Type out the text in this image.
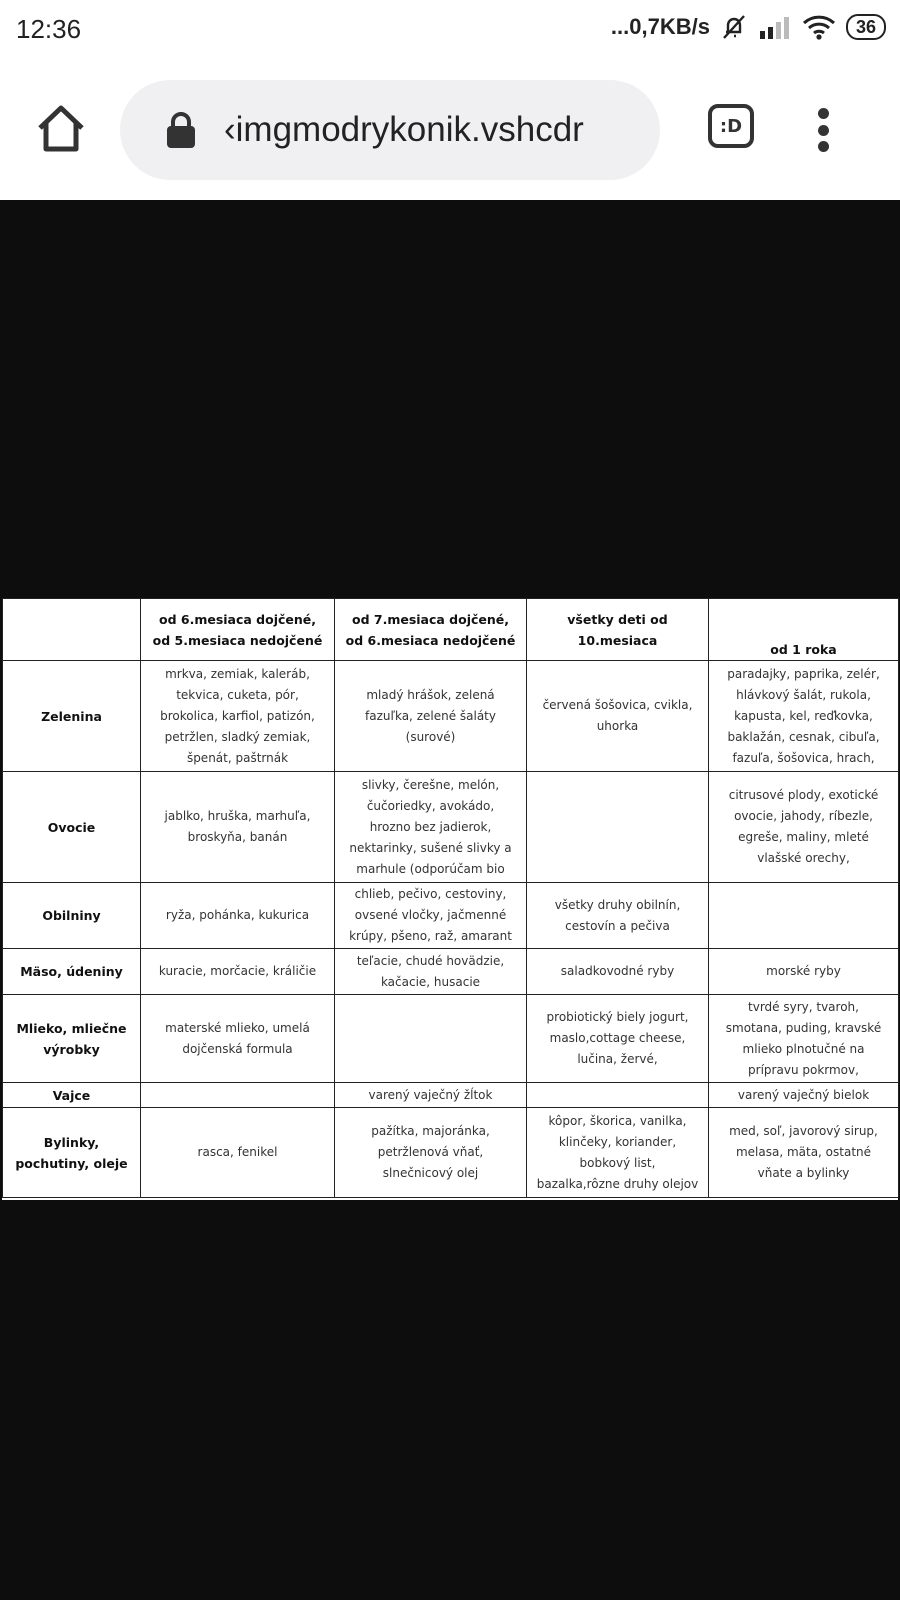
12:36	...0,7KB/s	36
‹imgmodrykonik.vshcdr	:D
	od 6.mesiaca dojčené,
od 5.mesiaca nedojčené	od 7.mesiaca dojčené,
od 6.mesiaca nedojčené	všetky deti od
10.mesiaca	od 1 roka
Zelenina	mrkva, zemiak, kaleráb,
tekvica, cuketa, pór,
brokolica, karfiol, patizón,
petržlen, sladký zemiak,
špenát, paštrnák	mladý hrášok, zelená
fazuľka, zelené šaláty
(surové)	červená šošovica, cvikla,
uhorka	paradajky, paprika, zelér,
hlávkový šalát, rukola,
kapusta, kel, reďkovka,
baklažán, cesnak, cibuľa,
fazuľa, šošovica, hrach,
Ovocie	jablko, hruška, marhuľa,
broskyňa, banán	slivky, čerešne, melón,
čučoriedky, avokádo,
hrozno bez jadierok,
nektarinky, sušené slivky a
marhule (odporúčam bio		citrusové plody, exotické
ovocie, jahody, ríbezle,
egreše, maliny, mleté
vlašské orechy,
Obilniny	ryža, pohánka, kukurica	chlieb, pečivo, cestoviny,
ovsené vločky, jačmenné
krúpy, pšeno, raž, amarant	všetky druhy obilnín,
cestovín a pečiva	
Mäso, údeniny	kuracie, morčacie, králičie	teľacie, chudé hovädzie,
kačacie, husacie	saladkovodné ryby	morské ryby
Mlieko, mliečne
výrobky	materské mlieko, umelá
dojčenská formula		probiotický biely jogurt,
maslo,cottage cheese,
lučina, žervé,	tvrdé syry, tvaroh,
smotana, puding, kravské
mlieko plnotučné na
prípravu pokrmov,
Vajce		varený vaječný žĺtok		varený vaječný bielok
Bylinky,
pochutiny, oleje	rasca, fenikel	pažítka, majoránka,
petržlenová vňať,
slnečnicový olej	kôpor, škorica, vanilka,
klinčeky, koriander,
bobkový list,
bazalka,rôzne druhy olejov	med, soľ, javorový sirup,
melasa, mäta, ostatné
vňate a bylinky
